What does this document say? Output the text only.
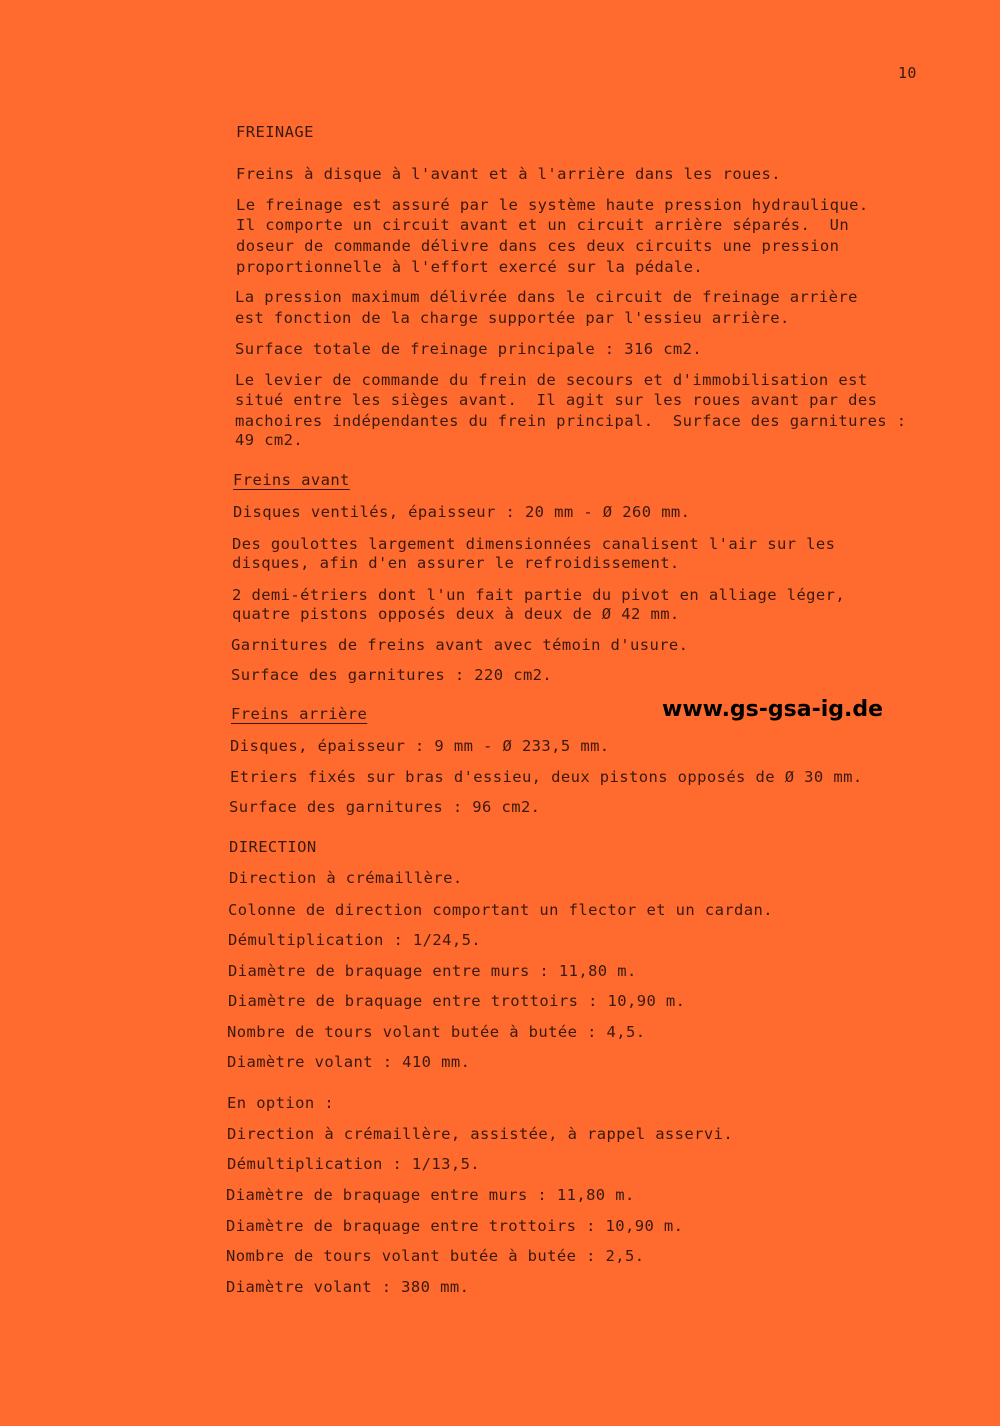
10
FREINAGE
Freins à disque à l'avant et à l'arrière dans les roues.
Le freinage est assuré par le système haute pression hydraulique.
Il comporte un circuit avant et un circuit arrière séparés.  Un
doseur de commande délivre dans ces deux circuits une pression
proportionnelle à l'effort exercé sur la pédale.
La pression maximum délivrée dans le circuit de freinage arrière
est fonction de la charge supportée par l'essieu arrière.
Surface totale de freinage principale : 316 cm2.
Le levier de commande du frein de secours et d'immobilisation est
situé entre les sièges avant.  Il agit sur les roues avant par des
machoires indépendantes du frein principal.  Surface des garnitures :
49 cm2.
Freins avant
Disques ventilés, épaisseur : 20 mm - Ø 260 mm.
Des goulottes largement dimensionnées canalisent l'air sur les
disques, afin d'en assurer le refroidissement.
2 demi-étriers dont l'un fait partie du pivot en alliage léger,
quatre pistons opposés deux à deux de Ø 42 mm.
Garnitures de freins avant avec témoin d'usure.
Surface des garnitures : 220 cm2.
Freins arrière	www.gs-gsa-ig.de
Disques, épaisseur : 9 mm - Ø 233,5 mm.
Etriers fixés sur bras d'essieu, deux pistons opposés de Ø 30 mm.
Surface des garnitures : 96 cm2.
DIRECTION
Direction à crémaillère.
Colonne de direction comportant un flector et un cardan.
Démultiplication : 1/24,5.
Diamètre de braquage entre murs : 11,80 m.
Diamètre de braquage entre trottoirs : 10,90 m.
Nombre de tours volant butée à butée : 4,5.
Diamètre volant : 410 mm.
En option :
Direction à crémaillère, assistée, à rappel asservi.
Démultiplication : 1/13,5.
Diamètre de braquage entre murs : 11,80 m.
Diamètre de braquage entre trottoirs : 10,90 m.
Nombre de tours volant butée à butée : 2,5.
Diamètre volant : 380 mm.
